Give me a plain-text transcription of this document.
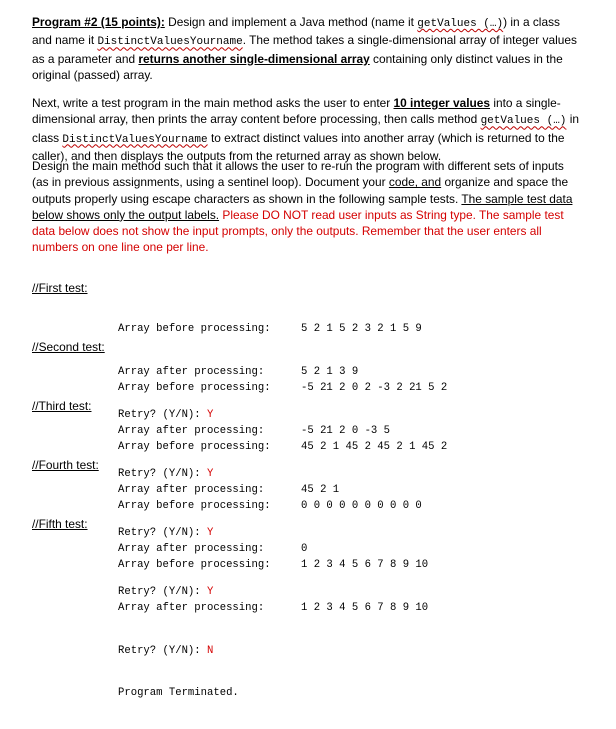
Program #2 (15 points): Design and implement a Java method (name it getValues (…)) in a class and name it DistinctValuesYourname. The method takes a single-dimensional array of integer values as a parameter and returns another single-dimensional array containing only distinct values in the original (passed) array.

Next, write a test program in the main method asks the user to enter 10 integer values into a single-dimensional array, then prints the array content before processing, then calls method getValues (…) in class DistinctValuesYourname to extract distinct values into another array (which is returned to the caller), and then displays the outputs from the returned array as shown below.

Design the main method such that it allows the user to re-run the program with different sets of inputs (as in previous assignments, using a sentinel loop). Document your code, and organize and space the outputs properly using escape characters as shown in the following sample tests. The sample test data below shows only the output labels. Please DO NOT read user inputs as String type. The sample test data below does not show the input prompts, only the outputs. Remember that the user enters all numbers on one line one per line.

//First test:

Array before processing:	5 2 1 5 2 3 2 1 5 9

Array after processing:	5 2 1 3 9

Retry? (Y/N): Y

//Second test:

Array before processing:	-5 21 2 0 2 -3 2 21 5 2

Array after processing:	-5 21 2 0 -3 5

Retry? (Y/N): Y

//Third test:

Array before processing:	45 2 1 45 2 45 2 1 45 2

Array after processing:	45 2 1

Retry? (Y/N): Y

//Fourth test:

Array before processing:	0 0 0 0 0 0 0 0 0 0

Array after processing:	0

Retry? (Y/N): Y

//Fifth test:

Array before processing:	1 2 3 4 5 6 7 8 9 10

Array after processing:	1 2 3 4 5 6 7 8 9 10

Retry? (Y/N): N

Program Terminated.
